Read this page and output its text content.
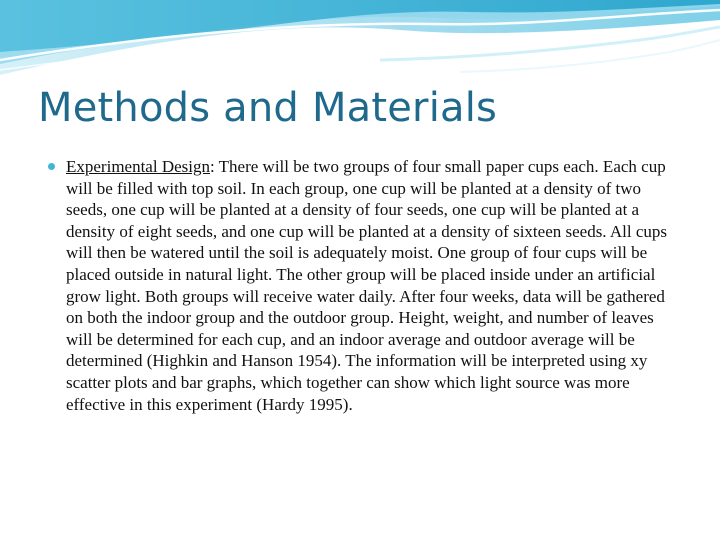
Methods and Materials

Experimental Design: There will be two groups of four small paper cups each. Each cup will be filled with top soil. In each group, one cup will be planted at a density of two seeds, one cup will be planted at a density of four seeds, one cup will be planted at a density of eight seeds, and one cup will be planted at a density of sixteen seeds. All cups will then be watered until the soil is adequately moist. One group of four cups will be placed outside in natural light. The other group will be placed inside under an artificial grow light. Both groups will receive water daily. After four weeks, data will be gathered on both the indoor group and the outdoor group. Height, weight, and number of leaves will be determined for each cup, and an indoor average and outdoor average will be determined (Highkin and Hanson 1954). The information will be interpreted using xy scatter plots and bar graphs, which together can show which light source was more effective in this experiment (Hardy 1995).
